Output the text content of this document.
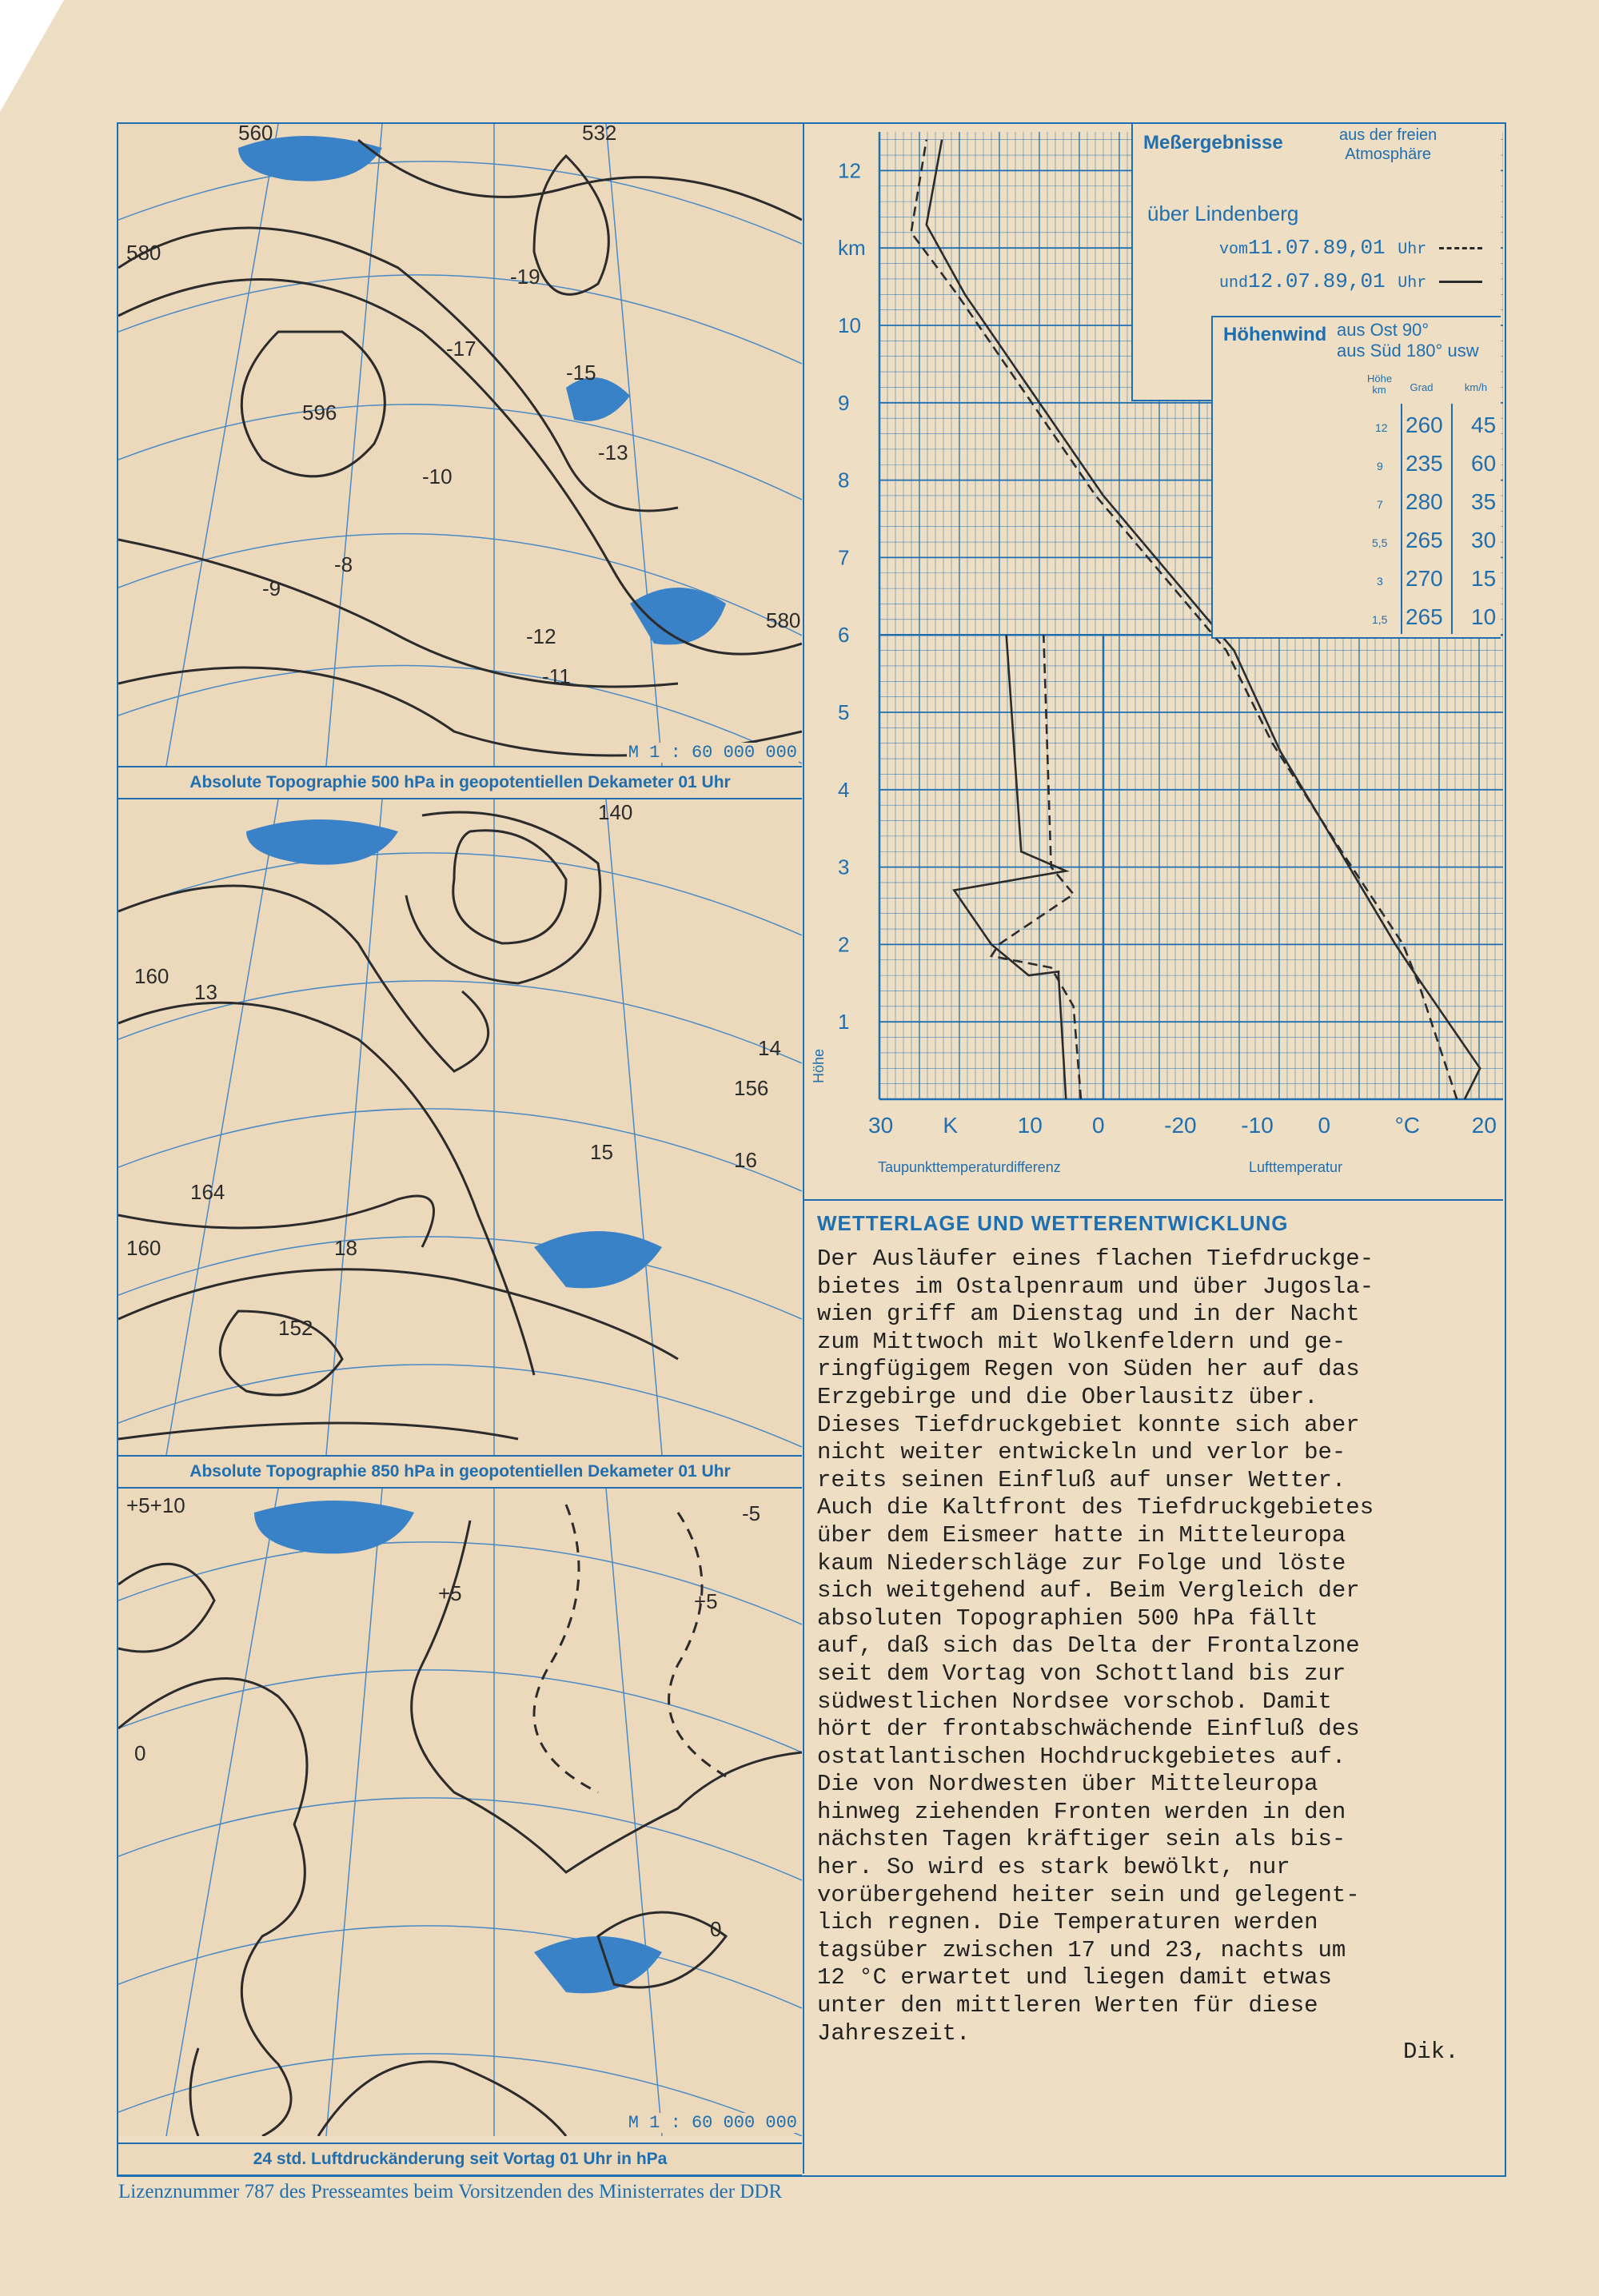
560
580
596
-19
-17
-15
-13
-12
-10
-9
-8
-11
580
532
M 1 : 60 000 000
Absolute Topographie 500 hPa in geopotentiellen Dekameter 01 Uhr
140
160
164
160
152
156
14
15	16
18
13
Absolute Topographie 850 hPa in geopotentiellen Dekameter 01 Uhr
+5+10
+5
0
-5
+5
0
M 1 : 60 000 000
24 std. Luftdruckänderung seit Vortag 01 Uhr in hPa
1
2
3
4
5
6
7
8
9
10
km
12
Höhe
30 K	10 0	-20 -10 0	°C 20
Meßergebnisse	aus der freien
Atmosphäre
über Lindenberg
vom11.07.89,01 Uhr
und12.07.89,01 Uhr
Höhenwind aus Ost 90°
aus Süd 180° usw
Höhe km	Grad	km/h
12 260 45
9 235 60
7 280 35
5,5 265 30
3 270 15
1,5 265 10
Taupunkttemperaturdifferenz	Lufttemperatur
WETTERLAGE UND WETTERENTWICKLUNG
Der Ausläufer eines flachen Tiefdruckge-
bietes im Ostalpenraum und über Jugosla-
wien griff am Dienstag und in der Nacht
zum Mittwoch mit Wolkenfeldern und ge-
ringfügigem Regen von Süden her auf das
Erzgebirge und die Oberlausitz über.
Dieses Tiefdruckgebiet konnte sich aber
nicht weiter entwickeln und verlor be-
reits seinen Einfluß auf unser Wetter.
Auch die Kaltfront des Tiefdruckgebietes
über dem Eismeer hatte in Mitteleuropa
kaum Niederschläge zur Folge und löste
sich weitgehend auf. Beim Vergleich der
absoluten Topographien 500 hPa fällt
auf, daß sich das Delta der Frontalzone
seit dem Vortag von Schottland bis zur
südwestlichen Nordsee vorschob. Damit
hört der frontabschwächende Einfluß des
ostatlantischen Hochdruckgebietes auf.
Die von Nordwesten über Mitteleuropa
hinweg ziehenden Fronten werden in den
nächsten Tagen kräftiger sein als bis-
her. So wird es stark bewölkt, nur
vorübergehend heiter sein und gelegent-
lich regnen. Die Temperaturen werden
tagsüber zwischen 17 und 23, nachts um
12 °C erwartet und liegen damit etwas
unter den mittleren Werten für diese
Jahreszeit.
Dik.
Lizenznummer 787 des Presseamtes beim Vorsitzenden des Ministerrates der DDR
